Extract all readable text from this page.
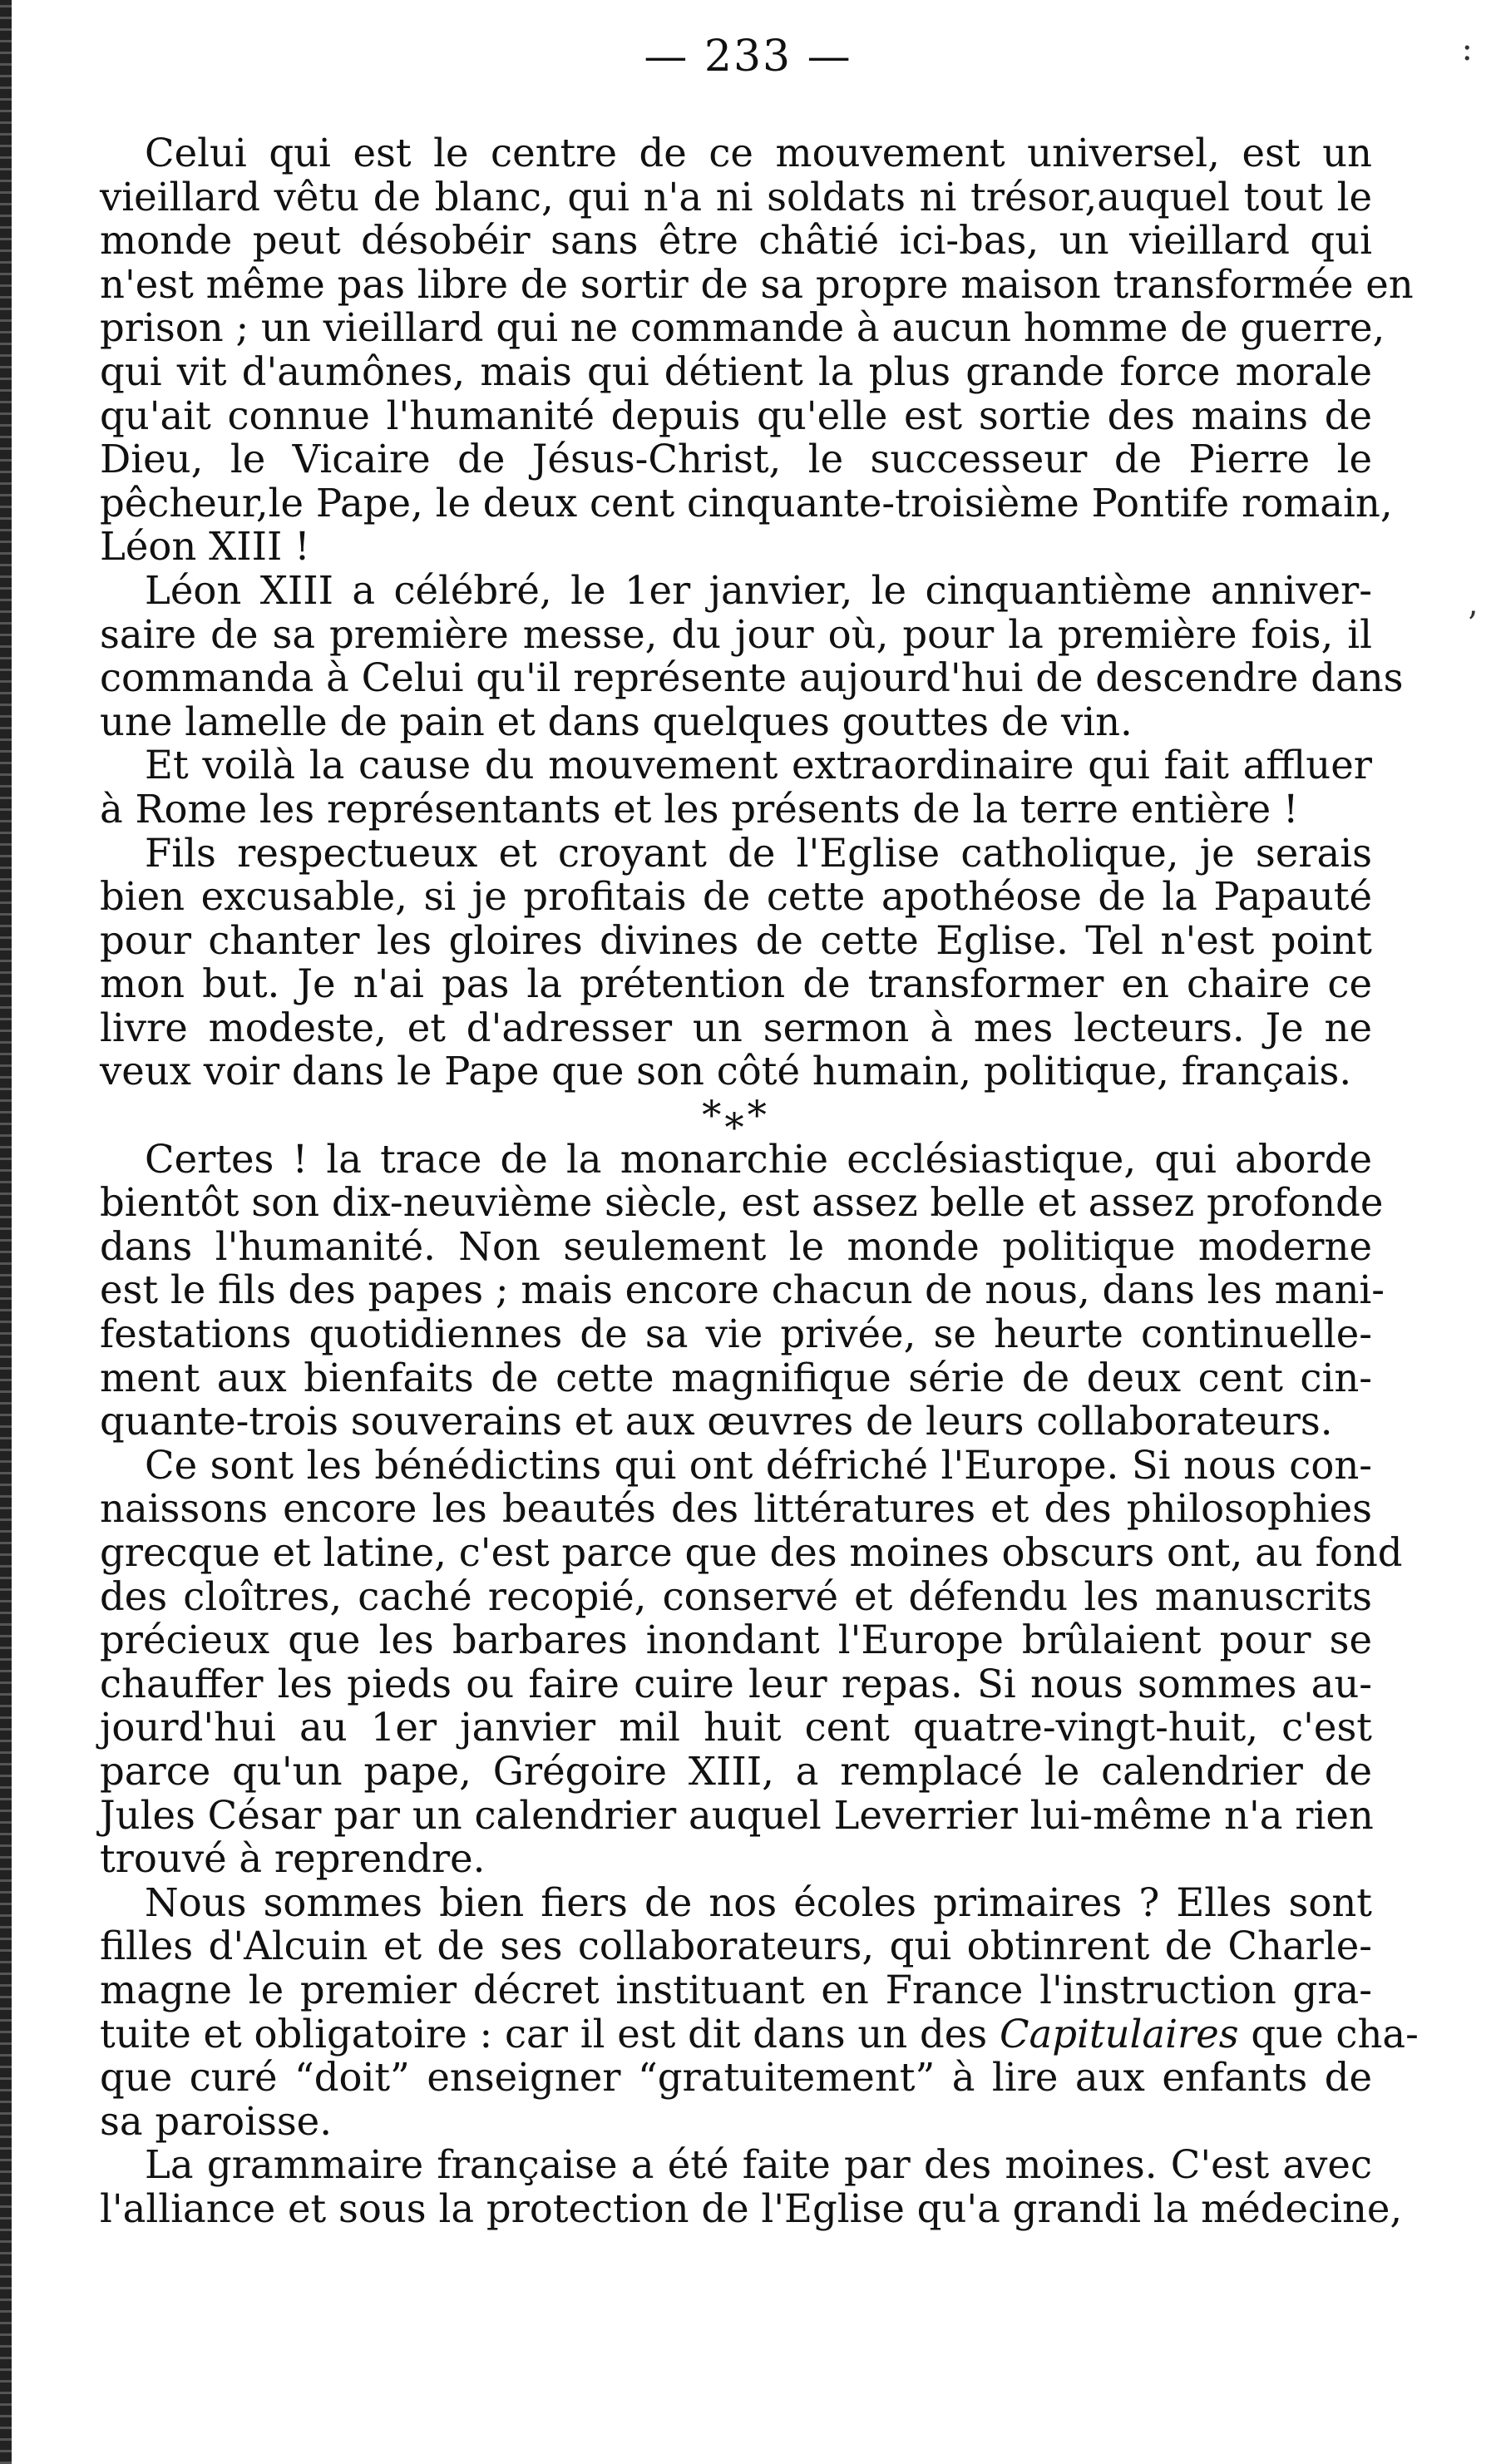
:
’
— 233 —
Celui qui est le centre de ce mouvement universel, est un
vieillard vêtu de blanc, qui n'a ni soldats ni trésor,auquel tout le
monde peut désobéir sans être châtié ici-bas, un vieillard qui
n'est même pas libre de sortir de sa propre maison transformée en
prison ; un vieillard qui ne commande à aucun homme de guerre,
qui vit d'aumônes, mais qui détient la plus grande force morale
qu'ait connue l'humanité depuis qu'elle est sortie des mains de
Dieu, le Vicaire de Jésus-Christ, le successeur de Pierre le
pêcheur,le Pape, le deux cent cinquante-troisième Pontife romain,
Léon XIII !
Léon XIII a célébré, le 1er janvier, le cinquantième anniver-
saire de sa première messe, du jour où, pour la première fois, il
commanda à Celui qu'il représente aujourd'hui de descendre dans
une lamelle de pain et dans quelques gouttes de vin.
Et voilà la cause du mouvement extraordinaire qui fait affluer
à Rome les représentants et les présents de la terre entière !
Fils respectueux et croyant de l'Eglise catholique, je serais
bien excusable, si je profitais de cette apothéose de la Papauté
pour chanter les gloires divines de cette Eglise. Tel n'est point
mon but. Je n'ai pas la prétention de transformer en chaire ce
livre modeste, et d'adresser un sermon à mes lecteurs. Je ne
veux voir dans le Pape que son côté humain, politique, français.
*⁎*
Certes ! la trace de la monarchie ecclésiastique, qui aborde
bientôt son dix-neuvième siècle, est assez belle et assez profonde
dans l'humanité. Non seulement le monde politique moderne
est le fils des papes ; mais encore chacun de nous, dans les mani-
festations quotidiennes de sa vie privée, se heurte continuelle-
ment aux bienfaits de cette magnifique série de deux cent cin-
quante-trois souverains et aux œuvres de leurs collaborateurs.
Ce sont les bénédictins qui ont défriché l'Europe. Si nous con-
naissons encore les beautés des littératures et des philosophies
grecque et latine, c'est parce que des moines obscurs ont, au fond
des cloîtres, caché recopié, conservé et défendu les manuscrits
précieux que les barbares inondant l'Europe brûlaient pour se
chauffer les pieds ou faire cuire leur repas. Si nous sommes au-
jourd'hui au 1er janvier mil huit cent quatre-vingt-huit, c'est
parce qu'un pape, Grégoire XIII, a remplacé le calendrier de
Jules César par un calendrier auquel Leverrier lui-même n'a rien
trouvé à reprendre.
Nous sommes bien fiers de nos écoles primaires ? Elles sont
filles d'Alcuin et de ses collaborateurs, qui obtinrent de Charle-
magne le premier décret instituant en France l'instruction gra-
tuite et obligatoire : car il est dit dans un des Capitulaires que cha-
que curé “doit” enseigner “gratuitement” à lire aux enfants de
sa paroisse.
La grammaire française a été faite par des moines. C'est avec
l'alliance et sous la protection de l'Eglise qu'a grandi la médecine,
